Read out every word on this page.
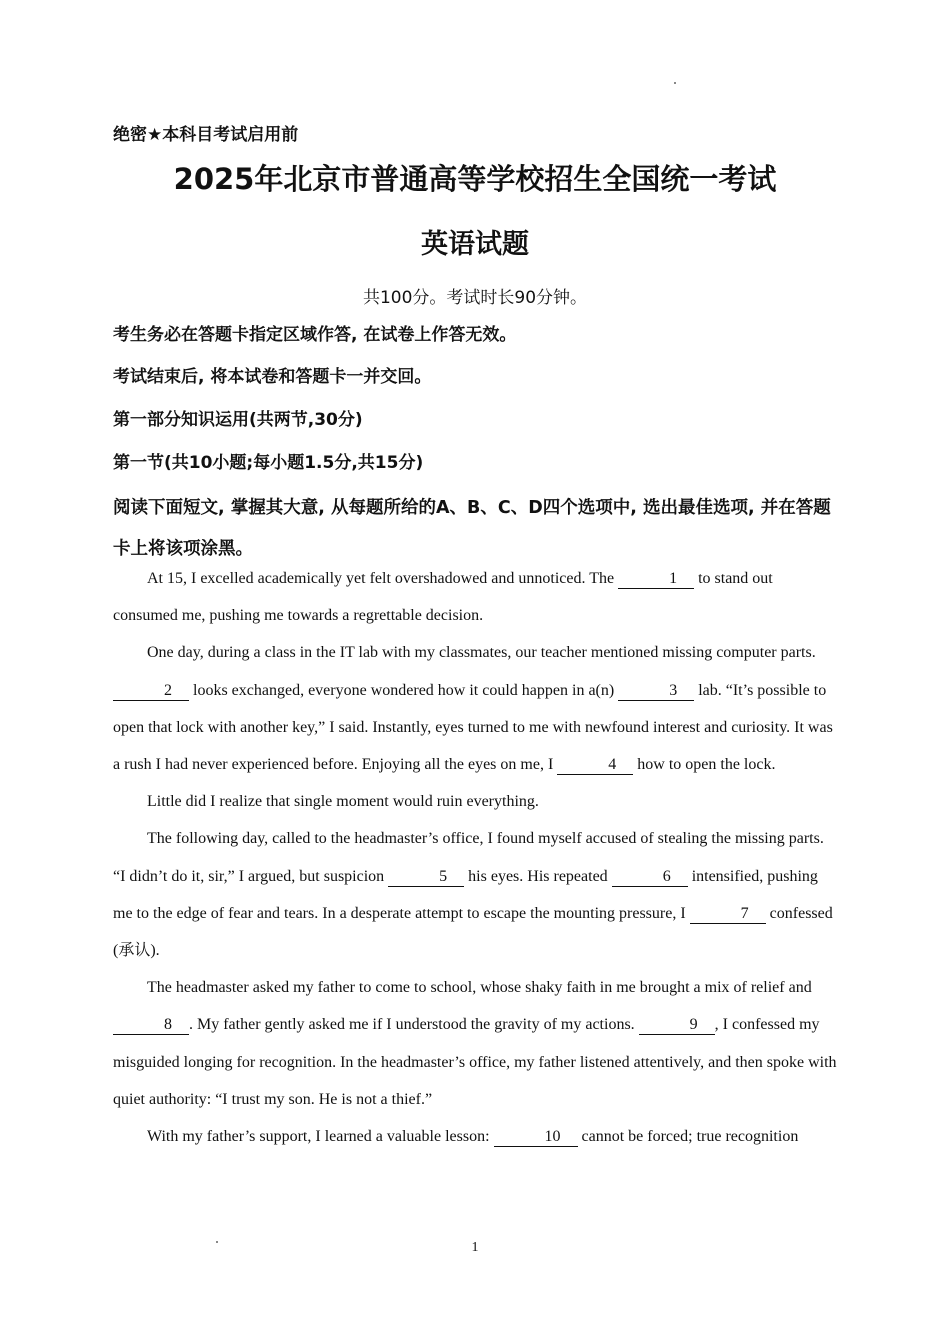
绝密★本科目考试启用前
2025年北京市普通高等学校招生全国统一考试
英语试题
共100分。考试时长90分钟。
考生务必在答题卡指定区域作答, 在试卷上作答无效。
考试结束后, 将本试卷和答题卡一并交回。
第一部分知识运用(共两节,30分)
第一节(共10小题;每小题1.5分,共15分)
阅读下面短文, 掌握其大意, 从每题所给的A、B、C、D四个选项中, 选出最佳选项, 并在答题卡上将该项涂黑。

At 15, I excelled academically yet felt overshadowed and unnoticed. The	1 to stand out consumed me, pushing me towards a regrettable decision.

One day, during a class in the IT lab with my classmates, our teacher mentioned missing computer parts. 2 looks exchanged, everyone wondered how it could happen in a(n)	3 lab. “It’s possible to open that lock with another key,” I said. Instantly, eyes turned to me with newfound interest and curiosity. It was a rush I had never experienced before. Enjoying all the eyes on me, I	4 how to open the lock.

Little did I realize that single moment would ruin everything.

The following day, called to the headmaster’s office, I found myself accused of stealing the missing parts. “I didn’t do it, sir,” I argued, but suspicion	5 his eyes. His repeated	6 intensified, pushing me to the edge of fear and tears. In a desperate attempt to escape the mounting pressure, I	7 confessed (承认).

The headmaster asked my father to come to school, whose shaky faith in me brought a mix of relief and 8 . My father gently asked me if I understood the gravity of my actions.	9 , I confessed my misguided longing for recognition. In the headmaster’s office, my father listened attentively, and then spoke with quiet authority: “I trust my son. He is not a thief.”

With my father’s support, I learned a valuable lesson:	10 cannot be forced; true recognition

1
